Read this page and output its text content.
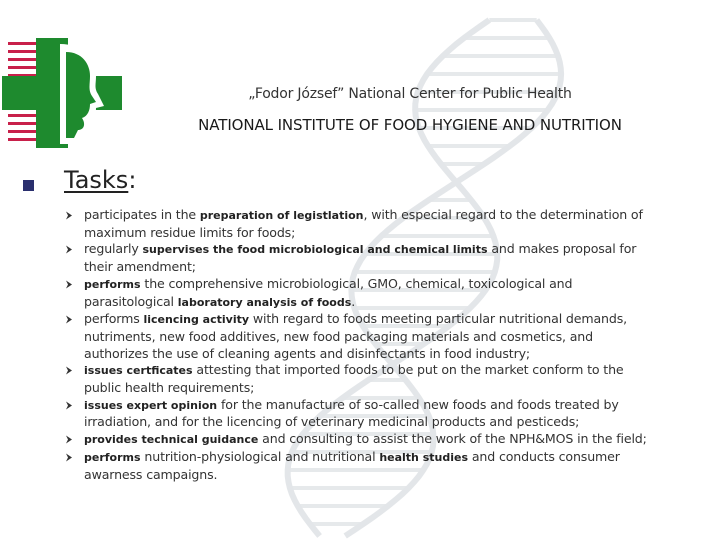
„Fodor József” National Center for Public Health
NATIONAL INSTITUTE OF FOOD HYGIENE AND NUTRITION
Tasks:
participates in the preparation of legistlation, with especial regard to the determination of maximum residue limits for foods;
regularly supervises the food microbiological and chemical limits and makes proposal for their amendment;
performs the comprehensive microbiological, GMO, chemical, toxicological and parasitological laboratory analysis of foods.
performs licencing activity with regard to foods meeting particular nutritional demands, nutriments, new food additives, new food packaging materials and cosmetics, and authorizes the use of cleaning agents and disinfectants in food industry;
issues certficates attesting that imported foods to be put on the market conform to the public health requirements;
issues expert opinion for the manufacture of so-called new foods and foods treated by irradiation, and for the licencing of veterinary medicinal products and pesticeds;
provides technical guidance and consulting to assist the work of the NPH&MOS in the field;
performs nutrition-physiological and nutritional health studies and conducts consumer awarness campaigns.
